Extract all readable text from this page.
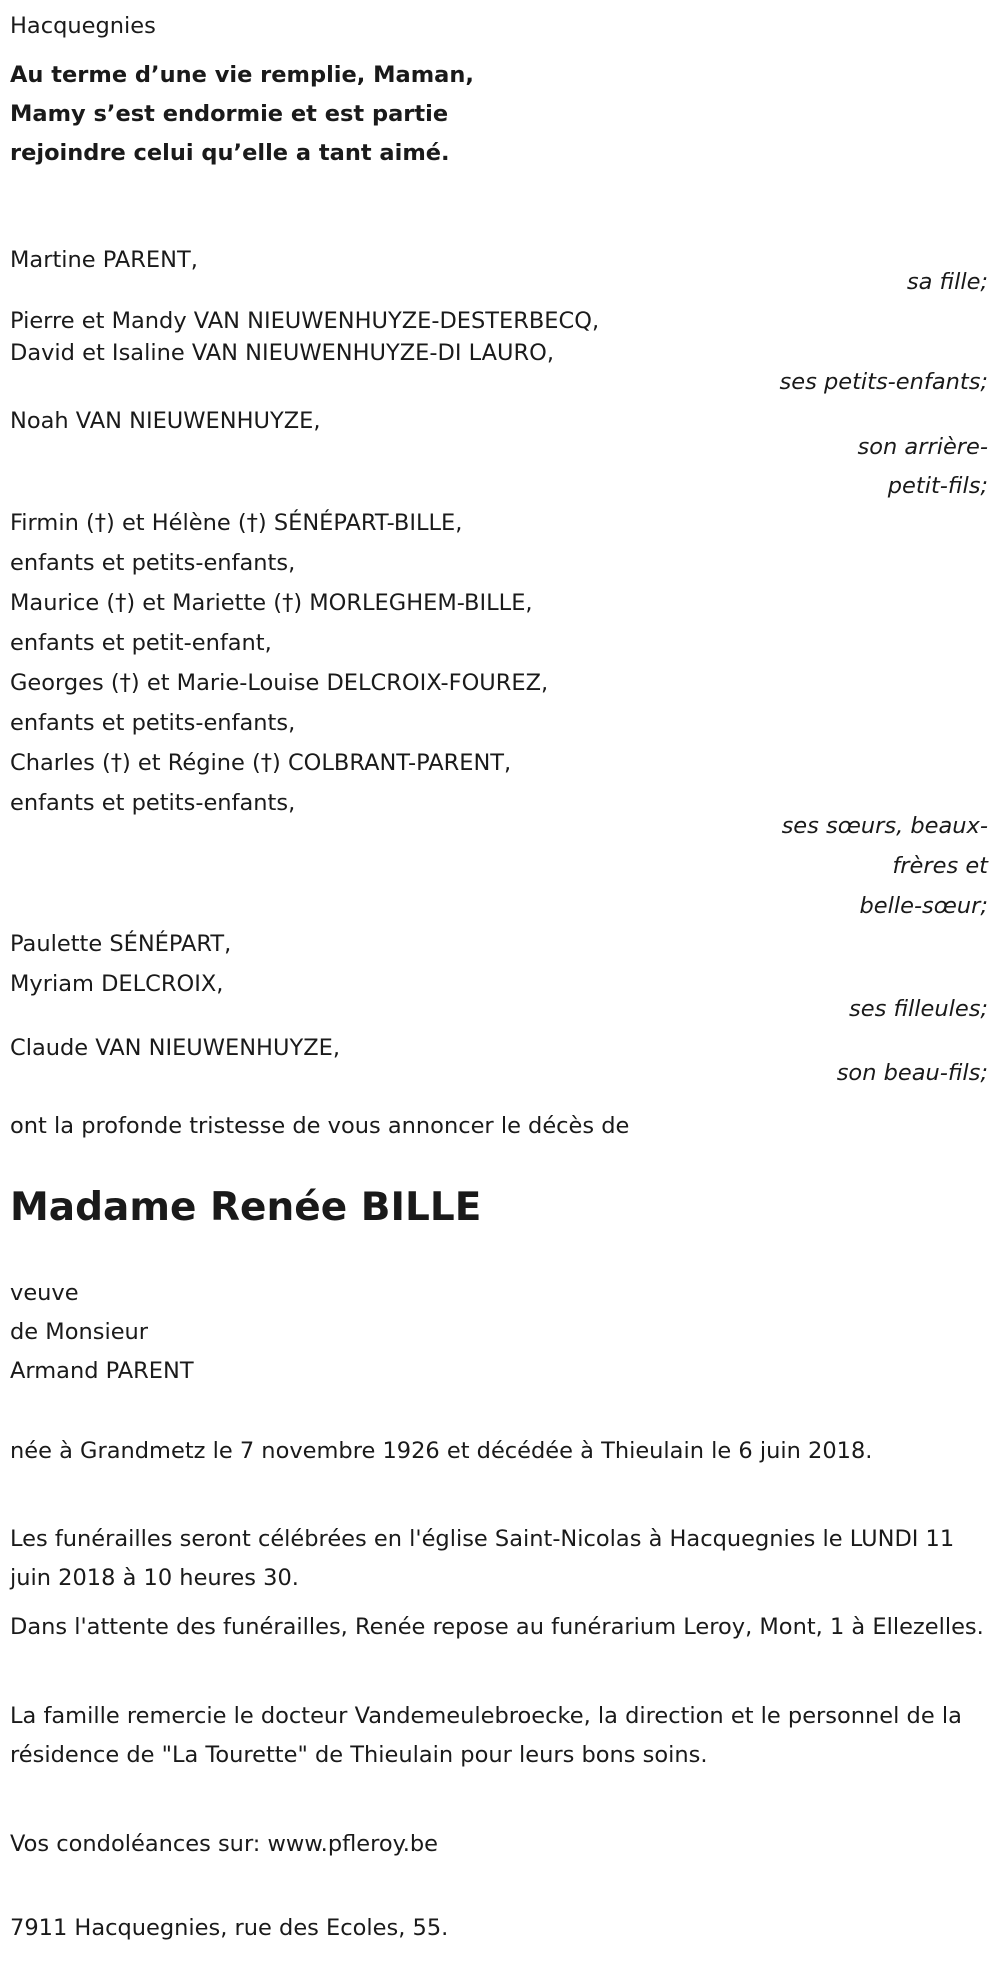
Hacquegnies

Au terme d’une vie remplie, Maman,

Mamy s’est endormie et est partie

rejoindre celui qu’elle a tant aimé.

Martine PARENT,

sa fille;

Pierre et Mandy VAN NIEUWENHUYZE-DESTERBECQ,

David et Isaline VAN NIEUWENHUYZE-DI LAURO,

ses petits-enfants;

Noah VAN NIEUWENHUYZE,

son arrière-

petit-fils;

Firmin (†) et Hélène (†) SÉNÉPART-BILLE,

enfants et petits-enfants,

Maurice (†) et Mariette (†) MORLEGHEM-BILLE,

enfants et petit-enfant,

Georges (†) et Marie-Louise DELCROIX-FOUREZ,

enfants et petits-enfants,

Charles (†) et Régine (†) COLBRANT-PARENT,

enfants et petits-enfants,

ses sœurs, beaux-

frères et

belle-sœur;

Paulette SÉNÉPART,

Myriam DELCROIX,

ses filleules;

Claude VAN NIEUWENHUYZE,

son beau-fils;

ont la profonde tristesse de vous annoncer le décès de

Madame Renée BILLE

veuve

de Monsieur

Armand PARENT

née à Grandmetz le 7 novembre 1926 et décédée à Thieulain le 6 juin 2018.

Les funérailles seront célébrées en l'église Saint-Nicolas à Hacquegnies le LUNDI 11 juin 2018 à 10 heures 30.

Dans l'attente des funérailles, Renée repose au funérarium Leroy, Mont, 1 à Ellezelles.

La famille remercie le docteur Vandemeulebroecke, la direction et le personnel de la résidence de "La Tourette" de Thieulain pour leurs bons soins.

Vos condoléances sur: www.pfleroy.be

7911 Hacquegnies, rue des Ecoles, 55.
